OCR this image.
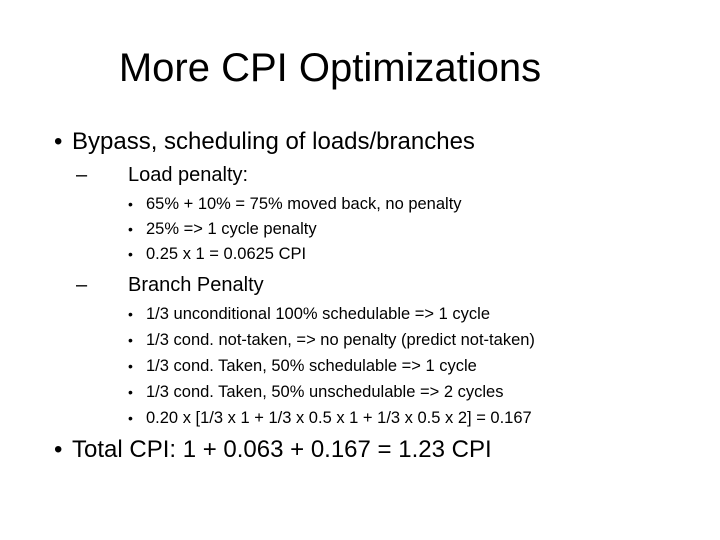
More CPI Optimizations
• Bypass, scheduling of loads/branches
– Load penalty:
• 65% + 10% = 75% moved back, no penalty
• 25% => 1 cycle penalty
• 0.25 x 1 = 0.0625 CPI
– Branch Penalty
• 1/3 unconditional 100% schedulable => 1 cycle
• 1/3 cond. not-taken, => no penalty (predict not-taken)
• 1/3 cond. Taken, 50% schedulable => 1 cycle
• 1/3 cond. Taken, 50% unschedulable => 2 cycles
• 0.20 x [1/3 x 1 + 1/3 x 0.5 x 1 + 1/3 x 0.5 x 2] = 0.167
• Total CPI: 1 + 0.063 + 0.167 = 1.23 CPI
